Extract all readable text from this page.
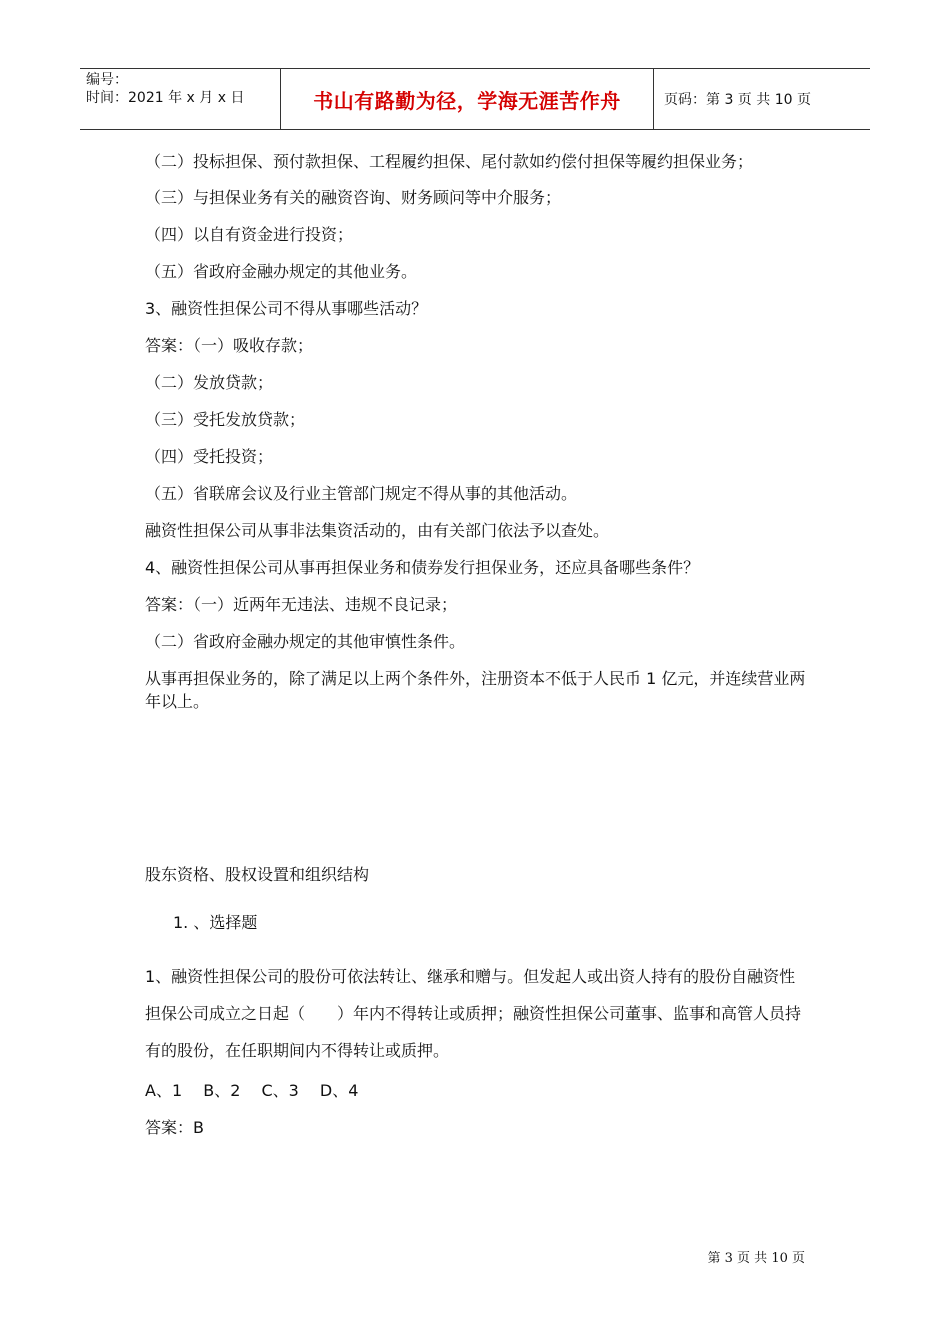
编号：
时间：2021 年 x 月 x 日	书山有路勤为径，学海无涯苦作舟	页码：第 3 页 共 10 页

（二）投标担保、预付款担保、工程履约担保、尾付款如约偿付担保等履约担保业务；

（三）与担保业务有关的融资咨询、财务顾问等中介服务；

（四）以自有资金进行投资；

（五）省政府金融办规定的其他业务。

3、融资性担保公司不得从事哪些活动？

答案：（一）吸收存款；

（二）发放贷款；

（三）受托发放贷款；

（四）受托投资；

（五）省联席会议及行业主管部门规定不得从事的其他活动。

融资性担保公司从事非法集资活动的，由有关部门依法予以查处。

4、融资性担保公司从事再担保业务和债券发行担保业务，还应具备哪些条件？

答案：（一）近两年无违法、违规不良记录；

（二）省政府金融办规定的其他审慎性条件。

从事再担保业务的，除了满足以上两个条件外，注册资本不低于人民币 1 亿元，并连续营业两年以上。

股东资格、股权设置和组织结构

1. 、选择题

1、融资性担保公司的股份可依法转让、继承和赠与。但发起人或出资人持有的股份自融资性担保公司成立之日起（　　）年内不得转让或质押；融资性担保公司董事、监事和高管人员持有的股份，在任职期间内不得转让或质押。

A、1　 B、2　 C、3　 D、4

答案：B

第 3 页 共 10 页
